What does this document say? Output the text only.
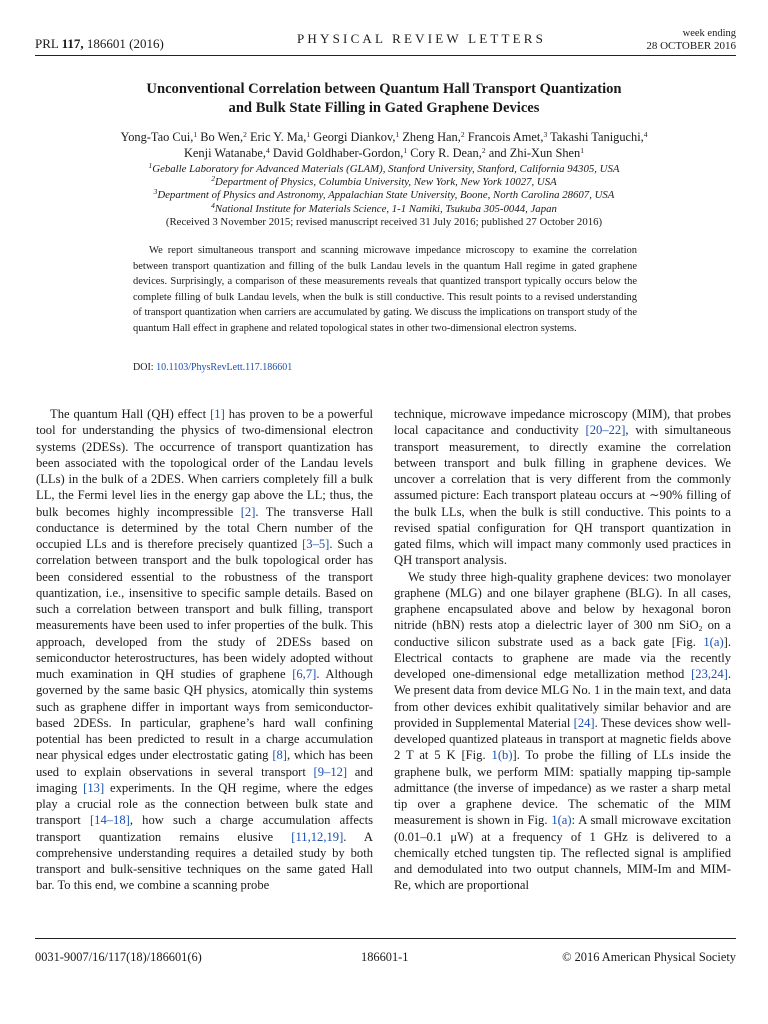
PRL 117, 186601 (2016)	PHYSICAL REVIEW LETTERS	week ending
28 OCTOBER 2016
Unconventional Correlation between Quantum Hall Transport Quantization
and Bulk State Filling in Gated Graphene Devices
Yong-Tao Cui,$^1$ Bo Wen,$^2$ Eric Y. Ma,$^1$ Georgi Diankov,$^1$ Zheng Han,$^2$ Francois Amet,$^3$ Takashi Taniguchi,$^4$
Kenji Watanabe,$^4$ David Goldhaber-Gordon,$^1$ Cory R. Dean,$^2$ and Zhi-Xun Shen$^1$
$^1$Geballe Laboratory for Advanced Materials (GLAM), Stanford University, Stanford, California 94305, USA
$^2$Department of Physics, Columbia University, New York, New York 10027, USA
$^3$Department of Physics and Astronomy, Appalachian State University, Boone, North Carolina 28607, USA
$^4$National Institute for Materials Science, 1-1 Namiki, Tsukuba 305-0044, Japan
(Received 3 November 2015; revised manuscript received 31 July 2016; published 27 October 2016)

We report simultaneous transport and scanning microwave impedance microscopy to examine the correlation between transport quantization and filling of the bulk Landau levels in the quantum Hall regime in gated graphene devices. Surprisingly, a comparison of these measurements reveals that quantized transport typically occurs below the complete filling of bulk Landau levels, when the bulk is still conductive. This result points to a revised understanding of transport quantization when carriers are accumulated by gating. We discuss the implications on transport study of the quantum Hall effect in graphene and related topological states in other two-dimensional electron systems.

DOI: 10.1103/PhysRevLett.117.186601

The quantum Hall (QH) effect [1] has proven to be a powerful tool for understanding the physics of two-dimensional electron systems (2DESs). The occurrence of transport quantization has been associated with the topological order of the Landau levels (LLs) in the bulk of a 2DES. When carriers completely fill a bulk LL, the Fermi level lies in the energy gap above the LL; thus, the bulk becomes highly incompressible [2]. The transverse Hall conductance is determined by the total Chern number of the occupied LLs and is therefore precisely quantized [3–5]. Such a correlation between transport and the bulk topological order has been considered essential to the robustness of the transport quantization, i.e., insensitive to specific sample details. Based on such a correlation between transport and bulk filling, transport measurements have been used to infer properties of the bulk. This approach, developed from the study of 2DESs based on semiconductor heterostructures, has been widely adopted without much examination in QH studies of graphene [6,7]. Although governed by the same basic QH physics, atomically thin systems such as graphene differ in important ways from semiconductor-based 2DESs. In particular, graphene’s hard wall confining potential has been predicted to result in a charge accumulation near physical edges under electrostatic gating [8], which has been used to explain observations in several transport [9–12] and imaging [13] experiments. In the QH regime, where the edges play a crucial role as the connection between bulk state and transport [14–18], how such a charge accumulation affects transport quantization remains elusive [11,12,19]. A comprehensive understanding requires a detailed study by both transport and bulk-sensitive techniques on the same gated Hall bar. To this end, we combine a scanning probe

technique, microwave impedance microscopy (MIM), that probes local capacitance and conductivity [20–22], with simultaneous transport measurement, to directly examine the correlation between transport and bulk filling in graphene devices. We uncover a correlation that is very different from the commonly assumed picture: Each transport plateau occurs at ∼90% filling of the bulk LLs, when the bulk is still conductive. This points to a revised spatial configuration for QH transport quantization in gated films, which will impact many commonly used practices in QH transport analysis.

We study three high-quality graphene devices: two monolayer graphene (MLG) and one bilayer graphene (BLG). In all cases, graphene encapsulated above and below by hexagonal boron nitride (hBN) rests atop a dielectric layer of 300 nm SiO$_2$ on a conductive silicon substrate used as a back gate [Fig. 1(a)]. Electrical contacts to graphene are made via the recently developed one-dimensional edge metallization method [23,24]. We present data from device MLG No. 1 in the main text, and data from other devices exhibit qualitatively similar behavior and are provided in Supplemental Material [24]. These devices show well-developed quantized plateaus in transport at magnetic fields above 2 T at 5 K [Fig. 1(b)]. To probe the filling of LLs inside the graphene bulk, we perform MIM: spatially mapping tip-sample admittance (the inverse of impedance) as we raster a sharp metal tip over a graphene device. The schematic of the MIM measurement is shown in Fig. 1(a): A small microwave excitation (0.01–0.1 μW) at a frequency of 1 GHz is delivered to a chemically etched tungsten tip. The reflected signal is amplified and demodulated into two output channels, MIM-Im and MIM-Re, which are proportional

0031-9007/16/117(18)/186601(6)	186601-1	© 2016 American Physical Society
